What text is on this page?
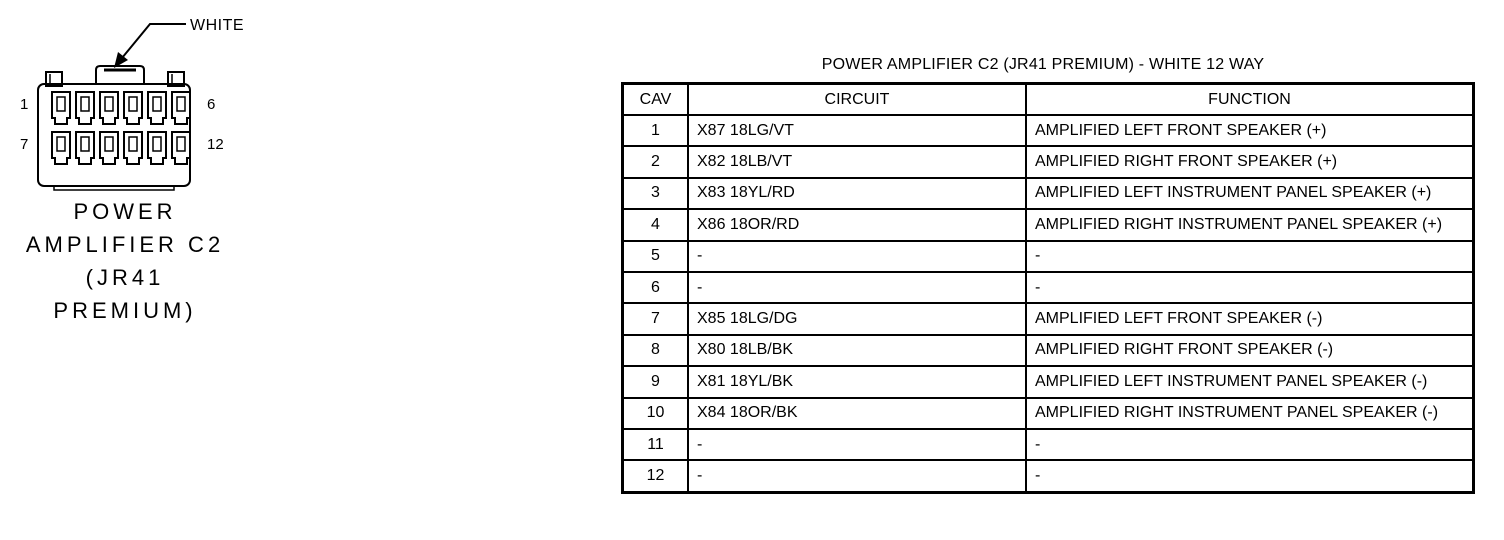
WHITE
1	6
7	12
POWER
AMPLIFIER C2
(JR41
PREMIUM)
POWER AMPLIFIER C2 (JR41 PREMIUM) - WHITE 12 WAY
CAV	CIRCUIT	FUNCTION
1	X87 18LG/VT	AMPLIFIED LEFT FRONT SPEAKER (+)
2	X82 18LB/VT	AMPLIFIED RIGHT FRONT SPEAKER (+)
3	X83 18YL/RD	AMPLIFIED LEFT INSTRUMENT PANEL SPEAKER (+)
4	X86 18OR/RD	AMPLIFIED RIGHT INSTRUMENT PANEL SPEAKER (+)
5	-	-
6	-	-
7	X85 18LG/DG	AMPLIFIED LEFT FRONT SPEAKER (-)
8	X80 18LB/BK	AMPLIFIED RIGHT FRONT SPEAKER (-)
9	X81 18YL/BK	AMPLIFIED LEFT INSTRUMENT PANEL SPEAKER (-)
10	X84 18OR/BK	AMPLIFIED RIGHT INSTRUMENT PANEL SPEAKER (-)
11	-	-
12	-	-
